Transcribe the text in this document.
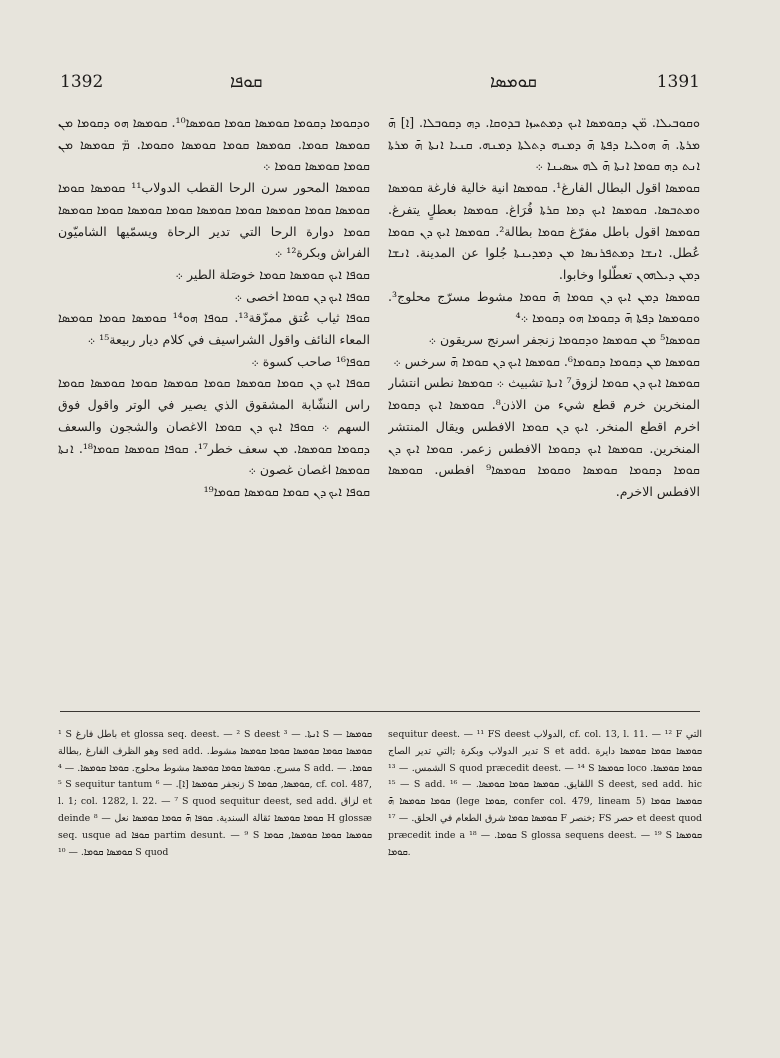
1392	ܩܘܦܐ	ܩܘܡܣܐ	1391

ܘܕܩܘܡܐ ܕܩܘܡܐ ܩܘܡܣܐ ܩܘܡܐ ܩܘܡܣܐ¹⁰. ܩܘܡܣܐ ܗܘ ܕܩܘܡܐ ܡܢ ܩܘܡܣܐ ܩܘܡܐ. ܩܘܡܣܐ ܩܘܡܐ ܩܘܡܣܐ ܘܩܘܡܐ. ܡ̈ ܩܘܡܣܐ ܡܢ ܩܘܡܐ ܩܘܡܣܐ ܩܘܡܐ ܀

ܩܘܡܣܐ المحور سرن الرحا القطب الدولاب¹¹ ܩܘܡܣܐ ܩܘܡܐ ܩܘܡܣܐ ܩܘܡܐ ܩܘܡܣܐ ܩܘܡܐ ܩܘܡܣܐ ܩܘܡܐ ܩܘܡܣܐ ܩܘܡܐ ܩܘܡܣܐ ܩܘܡܐ دوارة الرحا التي تدير الرحاة ويسمّيها الشاميّون الفراش وبكرة¹² ܀

ܩܘܦܐ ܐܝܟ ܩܘܡܣܐ ܩܘܡܐ خوصَلة الطير ܀

ܩܘܦܐ ܐܝܟ ܕܢ ܩܘܡܐ اخصى ܀

ܩܘܦܐ ثياب عُتق ممزّقة¹³. ܩܘܦܐ ܗܘ¹⁴ ܩܘܡܣܐ ܩܘܡܐ ܩܘܡܣܐ المعاء النائف واقول الشراسيف في كلام ديار ربيعة¹⁵ ܀

ܩܘܦܐ¹⁶ صاحب كسوة ܀

ܩܘܦܐ ܐܝܟ ܕܢ ܩܘܡܐ ܩܘܡܣܐ ܩܘܡܐ ܩܘܡܣܐ ܩܘܡܐ ܩܘܡܣܐ ܩܘܡܐ راس النشّابة المشقوق الذي يصير في الوتر واقول فوق السهم ܀ ܩܘܦܐ ܐܝܟ ܕܢ ܩܘܡܐ الاغصان والشجون والسعف ܕܩܘܡܐ ܩܘܡܣܐ. ܡܢ سعف خطر¹⁷. ܩܘܦܐ ܩܘܡܣܐ ܩܘܡܐ¹⁸. ܐܢܬܐ ܩܘܡܣܐ اغصان غصون ܀

ܩܘܦܐ ܐܝܟ ܕܢ ܩܘܡܐ ܩܘܡܣܐ ܩܘܡܐ¹⁹

ܘܩܘܒܝܠܐ. ܡ̈ܢ ܕܩܘܡܣܐ ܐܝܟ ܕܡܬܚܙܐ ܒܕܘܩܐ. ܕܗ ܕܩܘܒܠܐ. [ܐ] ܗ̄ ܡܪܬܐ. ܗ̄ ܗܘܠܝܐ ܕܦܬܐ ܗ̄ ܕܡܢܗ ܕܬܠܬܐ ܕܡܢܗ. ܩܢܝܐ ܐܢܬܐ ܗ̄ ܡܪܬܐ ܐܢܬ ܕܗ ܩܘܡܐ ܐܢܬܐ ܗ̄ ܠܗ ܚܣܝܢܐ ܀

ܩܘܡܣܐ اقول البطال الفارغ¹. ܩܘܡܣܐ انية خالية فارغة ܩܘܡܣܐ ܘܡܬܒܣܐ. ܩܘܡܣܐ ܐܝܟ ܕܡܐ ܩܪܬܐ فُرَاغ. ܩܘܡܣܐ بعطلٍ يتفرغ. ܩܘܡܣܐ اقول باطل مفرّغ ܩܘܡܐ بطالة². ܩܘܡܣܐ ܐܝܟ ܕܢ ܩܘܡܐ عُطل. ܐܢܫܐ ܕܡܬܦܪܢܣܐ ܡܢ ܕܡܕܝܢܬܐ جُلوا عن المدينة. ܐܢܫܐ ܕܡܢ ܕܝܠܗܘܢ تعطّلوا وخابوا.

ܩܘܡܣܐ ܕܡܢ ܐܝܟ ܕܢ ܩܘܡܐ ܗ̄ ܩܘܡܐ مشوط مسرّج محلوج³. ܘܩܘܡܣܐ ܕܦܬܐ ܗ̄ ܕܩܘܡܐ ܗܘ ܕܩܘܡܐ ܀⁴

ܩܘܡܣܐ⁵ ܡܢ ܩܘܡܣܐ ܘܕܩܘܡܐ زنجفر اسرنج سريقون ܀

ܩܘܡܣܐ ܡܢ ܕܩܘܡܐ ܕܩܘܡܐ⁶. ܩܘܡܣܐ ܐܝܟ ܕܢ ܩܘܡܐ ܗ̄ سرخس ܀

ܩܘܡܣܐ ܐܝܟ ܕܢ ܩܘܡܐ لزوق⁷ ܐܢܬܐ تشبيث ܀ ܩܘܡܣܐ نطس انتشار المنخرين خرم قطع شيء من الاذن⁸. ܩܘܡܣܐ ܐܝܟ ܕܩܘܡܐ اخرم اقطع المنخر. ܐܝܟ ܕܢ ܩܘܡܐ الافطس ويقال المنتشر المنخرين. ܩܘܡܣܐ ܐܝܟ ܕܩܘܡܐ الافطس زعمر. ܩܘܡܐ ܐܝܟ ܕܢ ܩܘܡܐ ܕܩܘܡܐ ܩܘܡܣܐ ܘܩܘܡܐ ܩܘܡܣܐ⁹ افطس. ܩܘܡܣܐ الافطس الاخرم.

¹ S باطل فارغ et glossa seq. deest. — ² S deest ܐܢܬܐ. — ³ S ܩܘܡܣܐ — وهو الظرف الفارغ ,بطالة sed add. ܩܘܡܣܐ ܩܘܡܐ ܩܘܡܣܐ ܩܘܡܐ ܩܘܡܣܐ مشوط. مسرج. ܩܘܡܣܐ ܩܘܡܐ ܩܘܡܣܐ مشوط محلوج. ܩܘܡܐ ܩܘܡܣܐ. — ⁴ S add. ܩܘܡܐ. — ⁵ S sequitur tantum زنجفر ܩܘܡܣܐ [ܐ]. — ⁶ S ܩܘܡܣܐ, ܩܘܡܐ, cf. col. 487, l. 1; col. 1282, l. 22. — ⁷ S quod sequitur deest, sed add. لزاق et deinde ܩܘܡܐ ܩܘܡܣܐ ثقالة السندية. ܩܘܦܐ ܗ̄ ܩܘܡܐ ܩܘܡܣܐ نعل — ⁸ H glossæ seq. usque ad ܩܘܦܐ partim desunt. — ⁹ S ܩܘܡܣܐ ܩܘܡܐ ܩܘܡܣܐ, ܩܘܡܐ ܩܘܡܣܐ ܩܘܡܐ. — ¹⁰ S quod

sequitur deest. — ¹¹ FS deest الدولاب, cf. col. 13, l. 11. — ¹² F التي تدير الدولاب وبكرة ;التي تدير الصاج S et add. ܩܘܡܣܐ ܩܘܡܐ ܩܘܡܣܐ دايرة الشمس. — ¹³ S quod præcedit deest. — ¹⁴ S ܩܘܡܣܐ loco ܩܘܡܐ ܩܘܡܣܐ. — ¹⁵ S add. اللقايق. ܩܘܡܣܐ ܩܘܡܐ ܩܘܡܣܐ. — ¹⁶ S deest, sed add. hic ܩܘܡܐ ܩܘܡܣܐ ܗ̄ (lege ܩܘܡܐ, confer col. 479, lineam 5) ܩܘܡܣܐ ܩܘܡܐ ܩܘܡܣܐ ܩܘܡܐ شرق الطعام في الحلق. — ¹⁷ F خنصر; FS حصر et deest quod præcedit inde a ܩܘܡܐ. — ¹⁸ S glossa sequens deest. — ¹⁹ S ܩܘܡܣܐ ܩܘܡܐ.
